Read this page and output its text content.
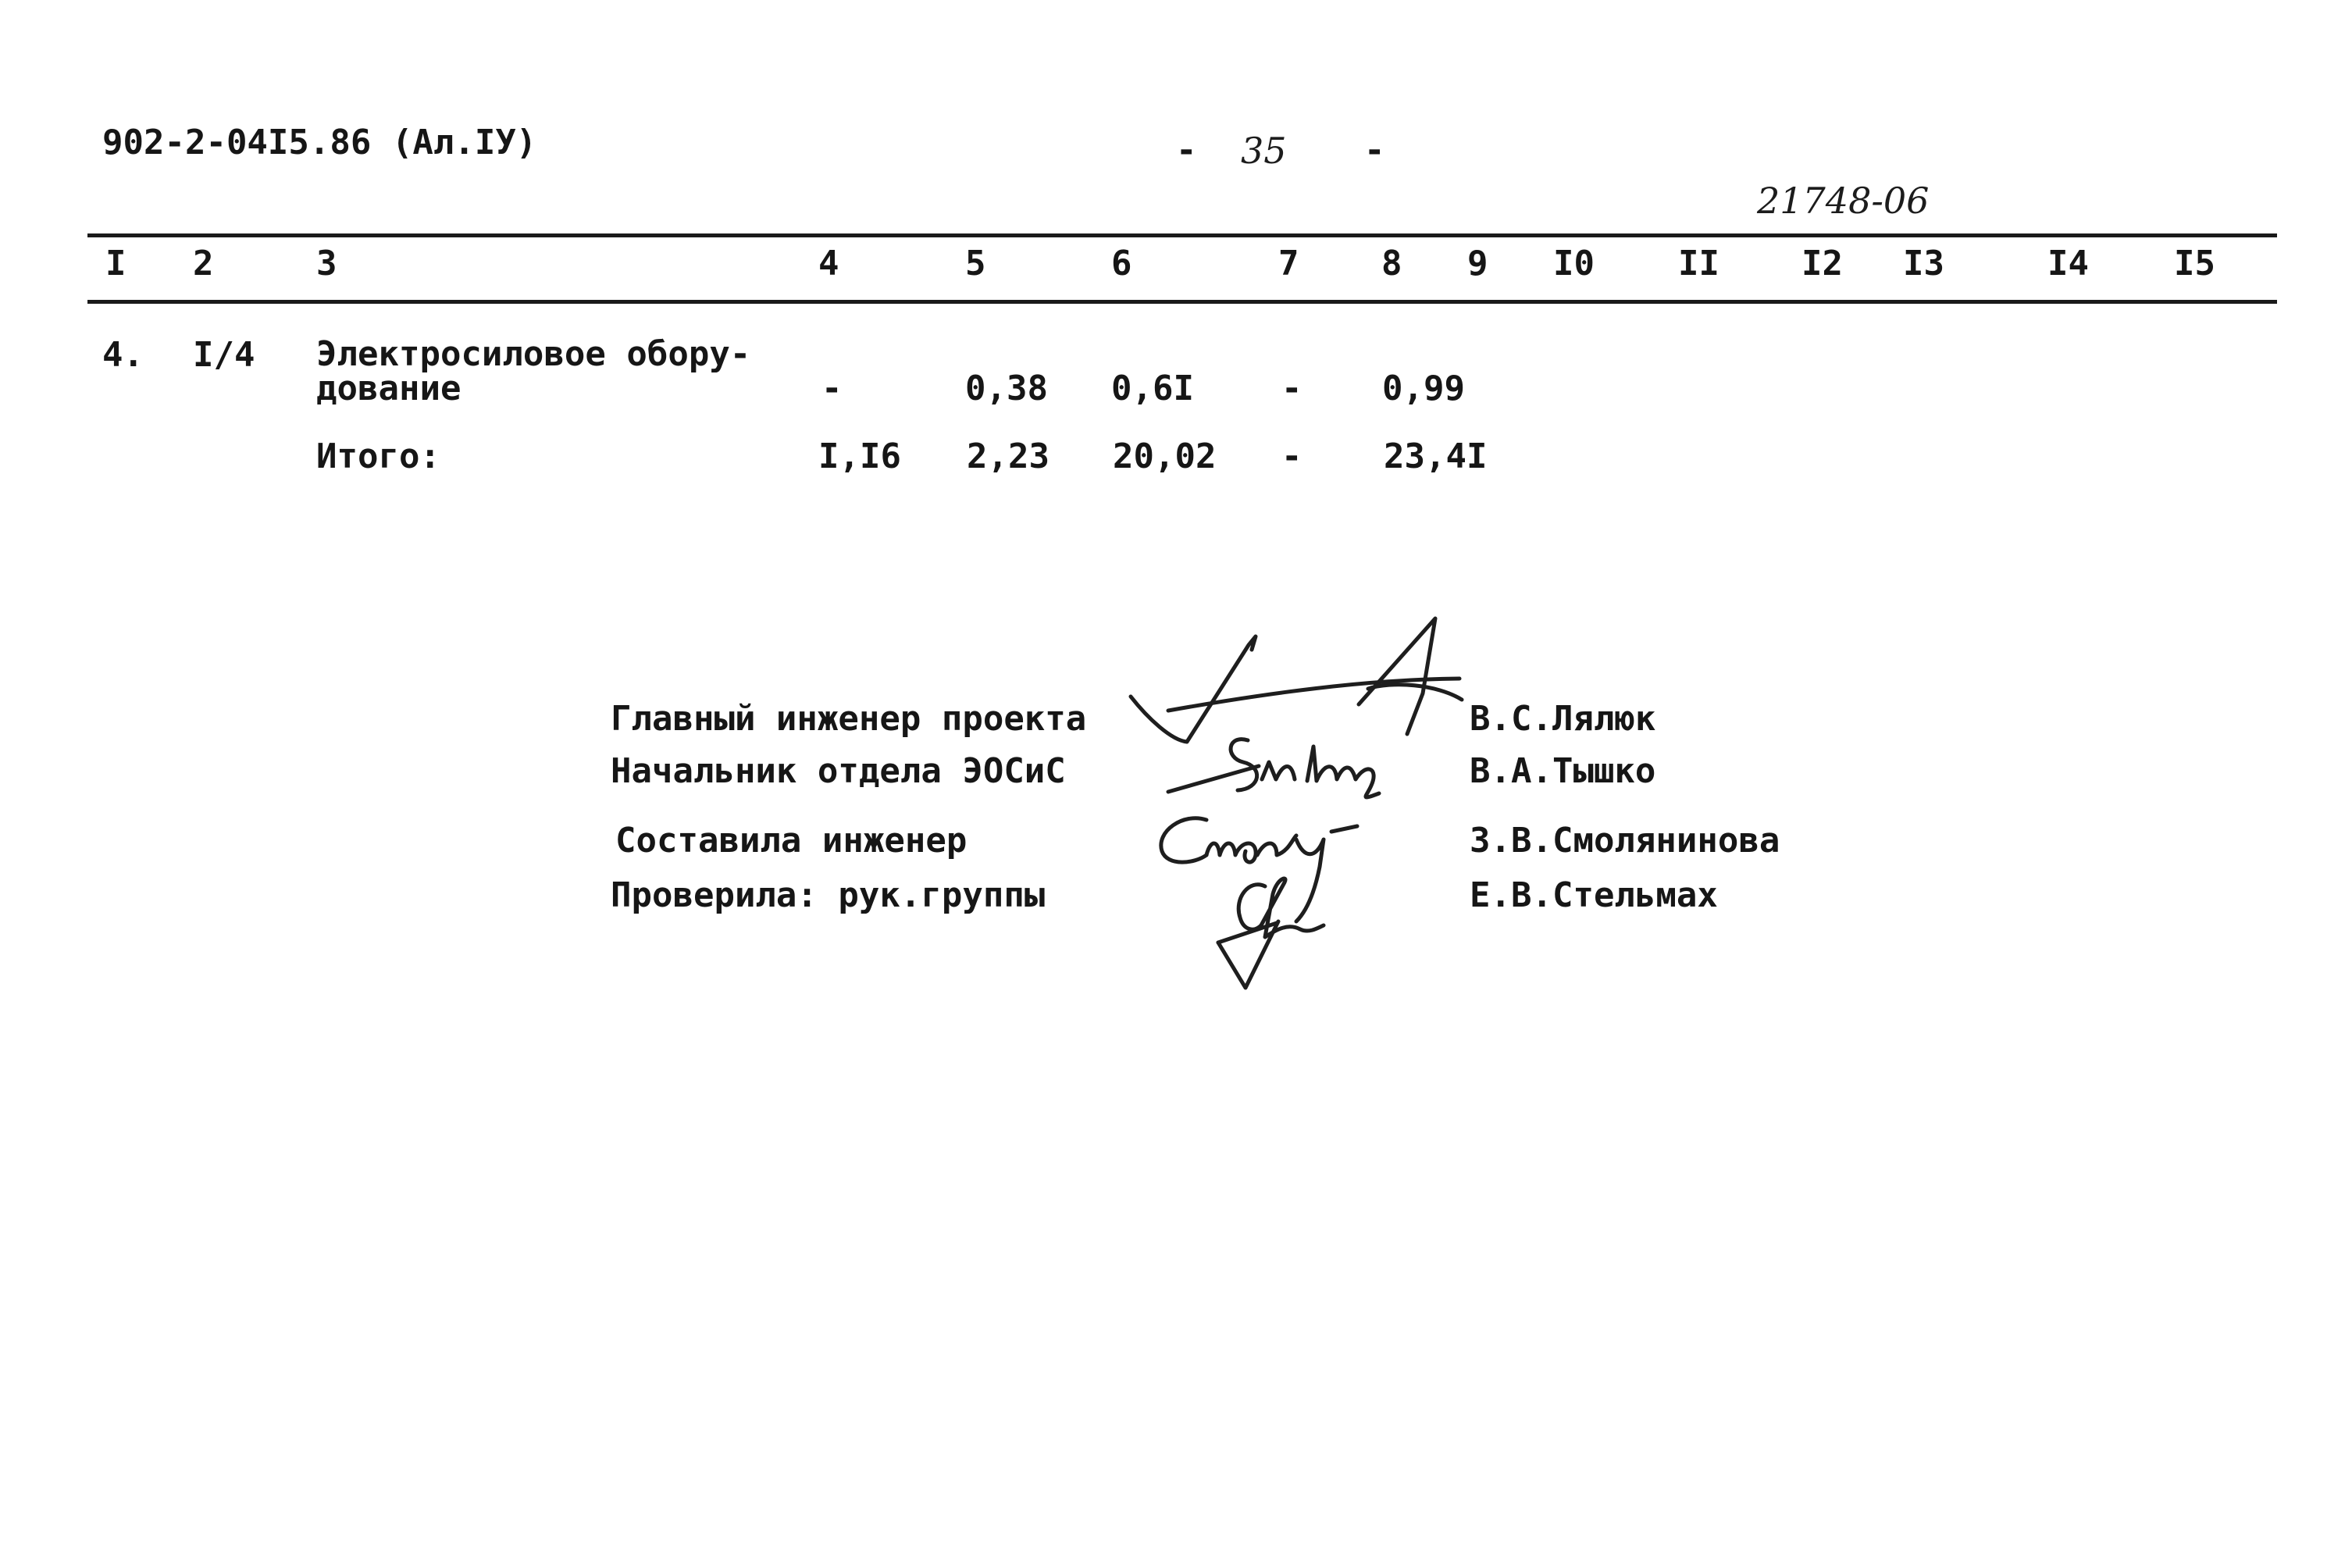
902-2-04I5.86 (Ал.IУ)	- 35 -
21748-06
I 2	3	4	5	6	7 8 9 I0 II I2 I3	I4 I5
4. I/4 Электросиловое обору-
дование	-	0,38 0,6I	- 0,99
Итого:	I,I6 2,23 20,02 - 23,4I
Главный инженер проекта	В.С.Лялюк
Начальник отдела ЭОСиС	В.А.Тышко
Составила инженер	З.В.Смолянинова
Проверила: рук.группы	Е.В.Стельмах
